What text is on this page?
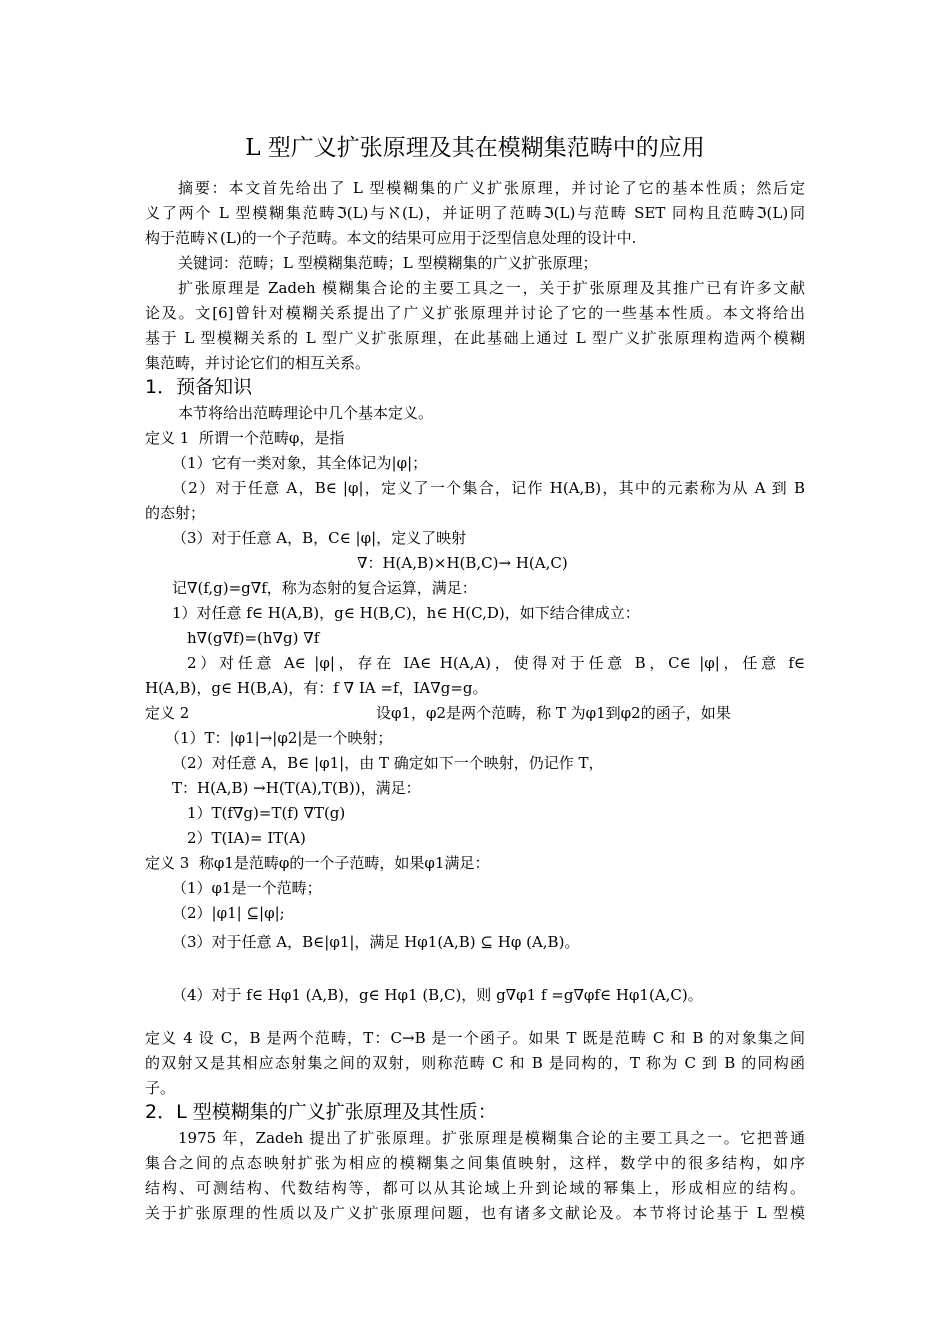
L 型广义扩张原理及其在模糊集范畴中的应用
摘要：本文首先给出了 L 型模糊集的广义扩张原理，并讨论了它的基本性质；然后定
义了两个 L 型模糊集范畴ℑ(L)与ℵ(L)，并证明了范畴ℑ(L)与范畴 SET 同构且范畴ℑ(L)同
构于范畴ℵ(L)的一个子范畴。本文的结果可应用于泛型信息处理的设计中.
关键词：范畴；L 型模糊集范畴；L 型模糊集的广义扩张原理；
扩张原理是 Zadeh 模糊集合论的主要工具之一，关于扩张原理及其推广已有许多文献
论及。文[6]曾针对模糊关系提出了广义扩张原理并讨论了它的一些基本性质。本文将给出
基于 L 型模糊关系的 L 型广义扩张原理，在此基础上通过 L 型广义扩张原理构造两个模糊
集范畴，并讨论它们的相互关系。
1．预备知识
本节将给出范畴理论中几个基本定义。
定义 1  所谓一个范畴φ，是指
（1）它有一类对象，其全体记为|φ|；
（2）对于任意 A，B∈ |φ|，定义了一个集合，记作 H(A,B)，其中的元素称为从 A 到 B
的态射；
（3）对于任意 A，B，C∈ |φ|，定义了映射
∇：H(A,B)×H(B,C)→ H(A,C)
记∇(f,g)=g∇f，称为态射的复合运算，满足：
1）对任意 f∈ H(A,B)，g∈ H(B,C)，h∈ H(C,D)，如下结合律成立：
h∇(g∇f)=(h∇g) ∇f
2）对任意 A∈ |φ|，存在 IA∈ H(A,A)，使得对于任意 B，C∈ |φ|，任意 f∈
H(A,B)，g∈ H(B,A)，有：f ∇ IA =f，IA∇g=g。
定义 2	设φ1，φ2是两个范畴，称 T 为φ1到φ2的函子，如果
（1）T：|φ1|→|φ2|是一个映射；
（2）对任意 A，B∈ |φ1|，由 T 确定如下一个映射，仍记作 T，
T：H(A,B) →H(T(A),T(B))，满足：
1）T(f∇g)=T(f) ∇T(g)
2）T(IA)= IT(A)
定义 3  称φ1是范畴φ的一个子范畴，如果φ1满足：
（1）φ1是一个范畴；
（2）|φ1| ⊆|φ|;
（3）对于任意 A，B∈|φ1|，满足 Hφ1(A,B) ⊆ Hφ (A,B)。
（4）对于 f∈ Hφ1 (A,B)，g∈ Hφ1 (B,C)，则 g∇φ1 f =g∇φf∈ Hφ1(A,C)。
定义 4 设 C，B 是两个范畴，T：C→B 是一个函子。如果 T 既是范畴 C 和 B 的对象集之间
的双射又是其相应态射集之间的双射，则称范畴 C 和 B 是同构的，T 称为 C 到 B 的同构函
子。
2．L 型模糊集的广义扩张原理及其性质：
1975 年，Zadeh 提出了扩张原理。扩张原理是模糊集合论的主要工具之一。它把普通
集合之间的点态映射扩张为相应的模糊集之间集值映射，这样，数学中的很多结构，如序
结构、可测结构、代数结构等，都可以从其论域上升到论域的幂集上，形成相应的结构。
关于扩张原理的性质以及广义扩张原理问题，也有诸多文献论及。本节将讨论基于 L 型模
